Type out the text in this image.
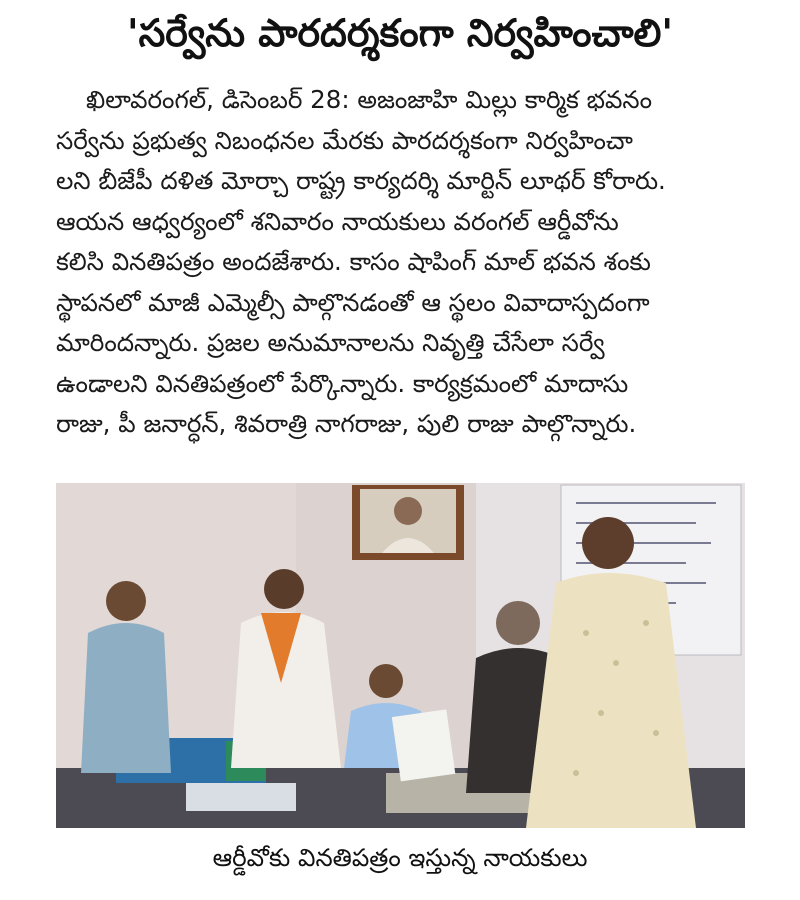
'సర్వేను పారదర్శకంగా నిర్వహించాలి'
ఖిలావరంగల్, డిసెంబర్ 28: అజంజాహి మిల్లు కార్మిక భవనం
సర్వేను ప్రభుత్వ నిబంధనల మేరకు పారదర్శకంగా నిర్వహించా
లని బీజేపీ దళిత మోర్చా రాష్ట్ర కార్యదర్శి మార్టిన్ లూథర్ కోరారు.
ఆయన ఆధ్వర్యంలో శనివారం నాయకులు వరంగల్ ఆర్డీవోను
కలిసి వినతిపత్రం అందజేశారు. కాసం షాపింగ్ మాల్ భవన శంకు
స్థాపనలో మాజీ ఎమ్మెల్సీ పాల్గొనడంతో ఆ స్థలం వివాదాస్పదంగా
మారిందన్నారు. ప్రజల అనుమానాలను నివృత్తి చేసేలా సర్వే
ఉండాలని వినతిపత్రంలో పేర్కొన్నారు. కార్యక్రమంలో మాదాసు
రాజు, పీ జనార్ధన్, శివరాత్రి నాగరాజు, పులి రాజు పాల్గొన్నారు.
ఆర్డీవోకు వినతిపత్రం ఇస్తున్న నాయకులు
